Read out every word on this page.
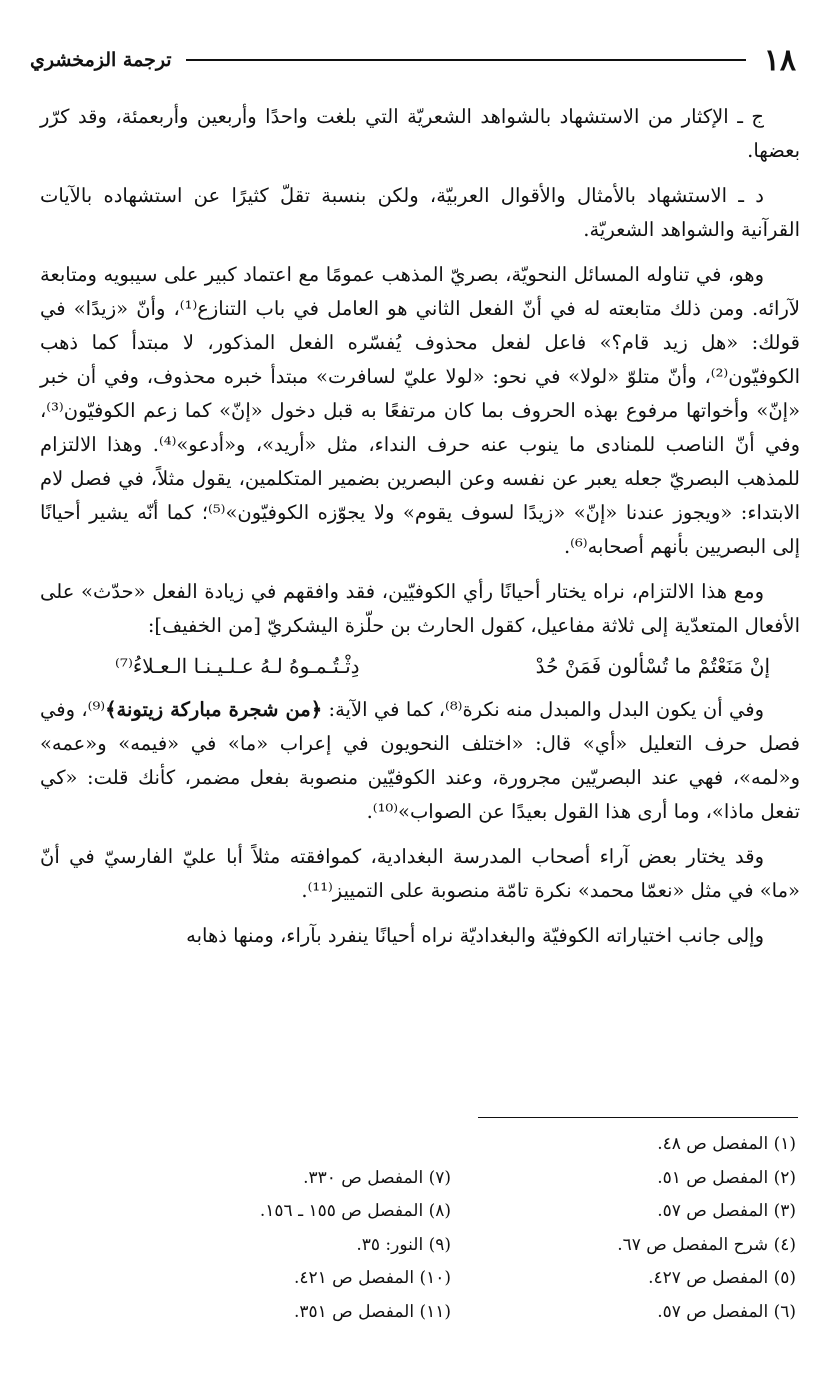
١٨
ترجمة الزمخشري

ج ـ الإكثار من الاستشهاد بالشواهد الشعريّة التي بلغت واحدًا وأربعين وأربعمئة، وقد كرّر بعضها.

د ـ الاستشهاد بالأمثال والأقوال العربيّة، ولكن بنسبة تقلّ كثيرًا عن استشهاده بالآيات القرآنية والشواهد الشعريّة.

وهو، في تناوله المسائل النحويّة، بصريّ المذهب عمومًا مع اعتماد كبير على سيبويه ومتابعة لآرائه. ومن ذلك متابعته له في أنّ الفعل الثاني هو العامل في باب التنازع⁽¹⁾، وأنّ «زيدًا» في قولك: «هل زيد قام؟» فاعل لفعل محذوف يُفسّره الفعل المذكور، لا مبتدأ كما ذهب الكوفيّون⁽²⁾، وأنّ متلوّ «لولا» في نحو: «لولا عليّ لسافرت» مبتدأ خبره محذوف، وفي أن خبر «إنّ» وأخواتها مرفوع بهذه الحروف بما كان مرتفعًا به قبل دخول «إنّ» كما زعم الكوفيّون⁽³⁾، وفي أنّ الناصب للمنادى ما ينوب عنه حرف النداء، مثل «أريد»، و«أدعو»⁽⁴⁾. وهذا الالتزام للمذهب البصريّ جعله يعبر عن نفسه وعن البصرين بضمير المتكلمين، يقول مثلاً، في فصل لام الابتداء: «ويجوز عندنا «إنّ» «زيدًا لسوف يقوم» ولا يجوّزه الكوفيّون»⁽⁵⁾؛ كما أنّه يشير أحيانًا إلى البصريين بأنهم أصحابه⁽⁶⁾.

ومع هذا الالتزام، نراه يختار أحيانًا رأي الكوفيّين، فقد وافقهم في زيادة الفعل «حدّث» على الأفعال المتعدّية إلى ثلاثة مفاعيل، كقول الحارث بن حلّزة اليشكريّ [من الخفيف]:

إنْ مَنَعْتُمْ ما تُسْألون فَمَنْ حُدْ
دِثْـتُـمـوهُ لـهُ عـلـيـنـا الـعـلاءُ⁽⁷⁾

وفي أن يكون البدل والمبدل منه نكرة⁽⁸⁾، كما في الآية: ﴿من شجرة مباركة زيتونة﴾⁽⁹⁾، وفي فصل حرف التعليل «أي» قال: «اختلف النحويون في إعراب «ما» في «فيمه» و«عمه» و«لمه»، فهي عند البصريّين مجرورة، وعند الكوفيّين منصوبة بفعل مضمر، كأنك قلت: «كي تفعل ماذا»، وما أرى هذا القول بعيدًا عن الصواب»⁽¹⁰⁾.

وقد يختار بعض آراء أصحاب المدرسة البغدادية، كموافقته مثلاً أبا عليّ الفارسيّ في أنّ «ما» في مثل «نعمّا محمد» نكرة تامّة منصوبة على التمييز⁽¹¹⁾.

وإلى جانب اختياراته الكوفيّة والبغداديّة نراه أحيانًا ينفرد بآراء، ومنها ذهابه

(١) المفصل ص ٤٨.
(٢) المفصل ص ٥١.
(٣) المفصل ص ٥٧.
(٤) شرح المفصل ص ٦٧.
(٥) المفصل ص ٤٢٧.
(٦) المفصل ص ٥٧.
(٧) المفصل ص ٣٣٠.
(٨) المفصل ص ١٥٥ ـ ١٥٦.
(٩) النور: ٣٥.
(١٠) المفصل ص ٤٢١.
(١١) المفصل ص ٣٥١.
